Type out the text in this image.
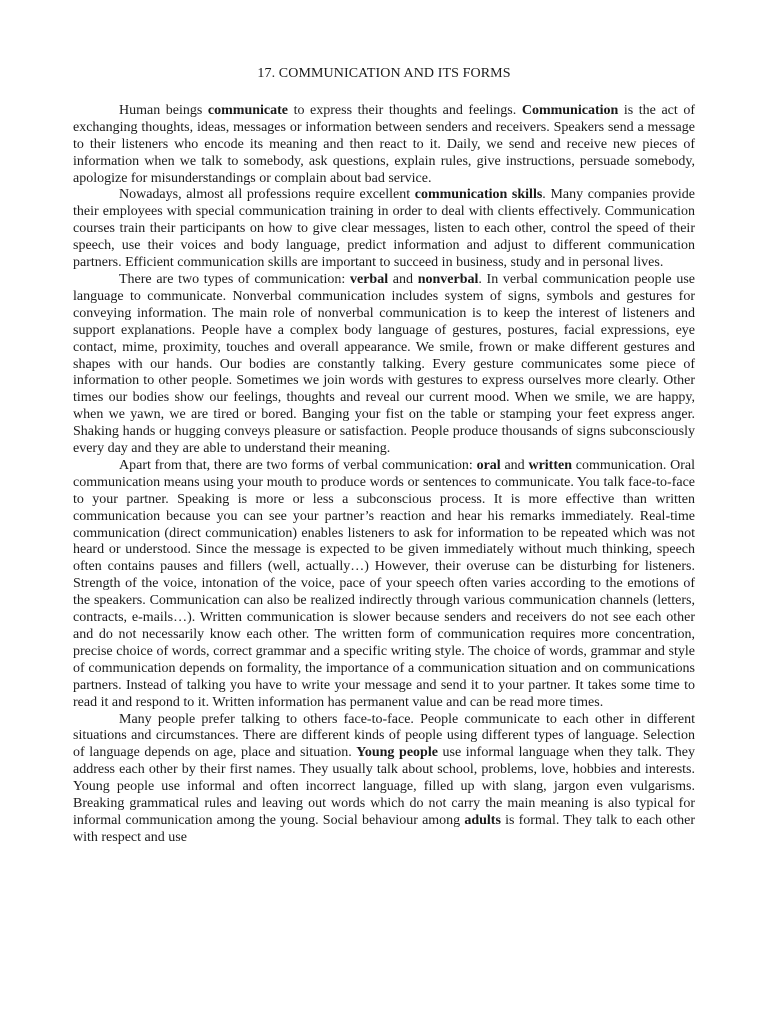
17. COMMUNICATION AND ITS FORMS

Human beings communicate to express their thoughts and feelings. Communication is the act of exchanging thoughts, ideas, messages or information between senders and receivers. Speakers send a message to their listeners who encode its meaning and then react to it. Daily, we send and receive new pieces of information when we talk to somebody, ask questions, explain rules, give instructions, persuade somebody, apologize for misunderstandings or complain about bad service.

Nowadays, almost all professions require excellent communication skills. Many companies provide their employees with special communication training in order to deal with clients effectively. Communication courses train their participants on how to give clear messages, listen to each other, control the speed of their speech, use their voices and body language, predict information and adjust to different communication partners. Efficient communication skills are important to succeed in business, study and in personal lives.

There are two types of communication: verbal and nonverbal. In verbal communication people use language to communicate. Nonverbal communication includes system of signs, symbols and gestures for conveying information. The main role of nonverbal communication is to keep the interest of listeners and support explanations. People have a complex body language of gestures, postures, facial expressions, eye contact, mime, proximity, touches and overall appearance. We smile, frown or make different gestures and shapes with our hands. Our bodies are constantly talking. Every gesture communicates some piece of information to other people. Sometimes we join words with gestures to express ourselves more clearly. Other times our bodies show our feelings, thoughts and reveal our current mood. When we smile, we are happy, when we yawn, we are tired or bored. Banging your fist on the table or stamping your feet express anger. Shaking hands or hugging conveys pleasure or satisfaction. People produce thousands of signs subconsciously every day and they are able to understand their meaning.

Apart from that, there are two forms of verbal communication: oral and written communication. Oral communication means using your mouth to produce words or sentences to communicate. You talk face-to-face to your partner. Speaking is more or less a subconscious process. It is more effective than written communication because you can see your partner’s reaction and hear his remarks immediately. Real-time communication (direct communication) enables listeners to ask for information to be repeated which was not heard or understood. Since the message is expected to be given immediately without much thinking, speech often contains pauses and fillers (well, actually…) However, their overuse can be disturbing for listeners. Strength of the voice, intonation of the voice, pace of your speech often varies according to the emotions of the speakers. Communication can also be realized indirectly through various communication channels (letters, contracts, e-mails…). Written communication is slower because senders and receivers do not see each other and do not necessarily know each other. The written form of communication requires more concentration, precise choice of words, correct grammar and a specific writing style. The choice of words, grammar and style of communication depends on formality, the importance of a communication situation and on communications partners. Instead of talking you have to write your message and send it to your partner. It takes some time to read it and respond to it. Written information has permanent value and can be read more times.

Many people prefer talking to others face-to-face. People communicate to each other in different situations and circumstances. There are different kinds of people using different types of language. Selection of language depends on age, place and situation. Young people use informal language when they talk. They address each other by their first names. They usually talk about school, problems, love, hobbies and interests. Young people use informal and often incorrect language, filled up with slang, jargon even vulgarisms. Breaking grammatical rules and leaving out words which do not carry the main meaning is also typical for informal communication among the young. Social behaviour among adults is formal. They talk to each other with respect and use
